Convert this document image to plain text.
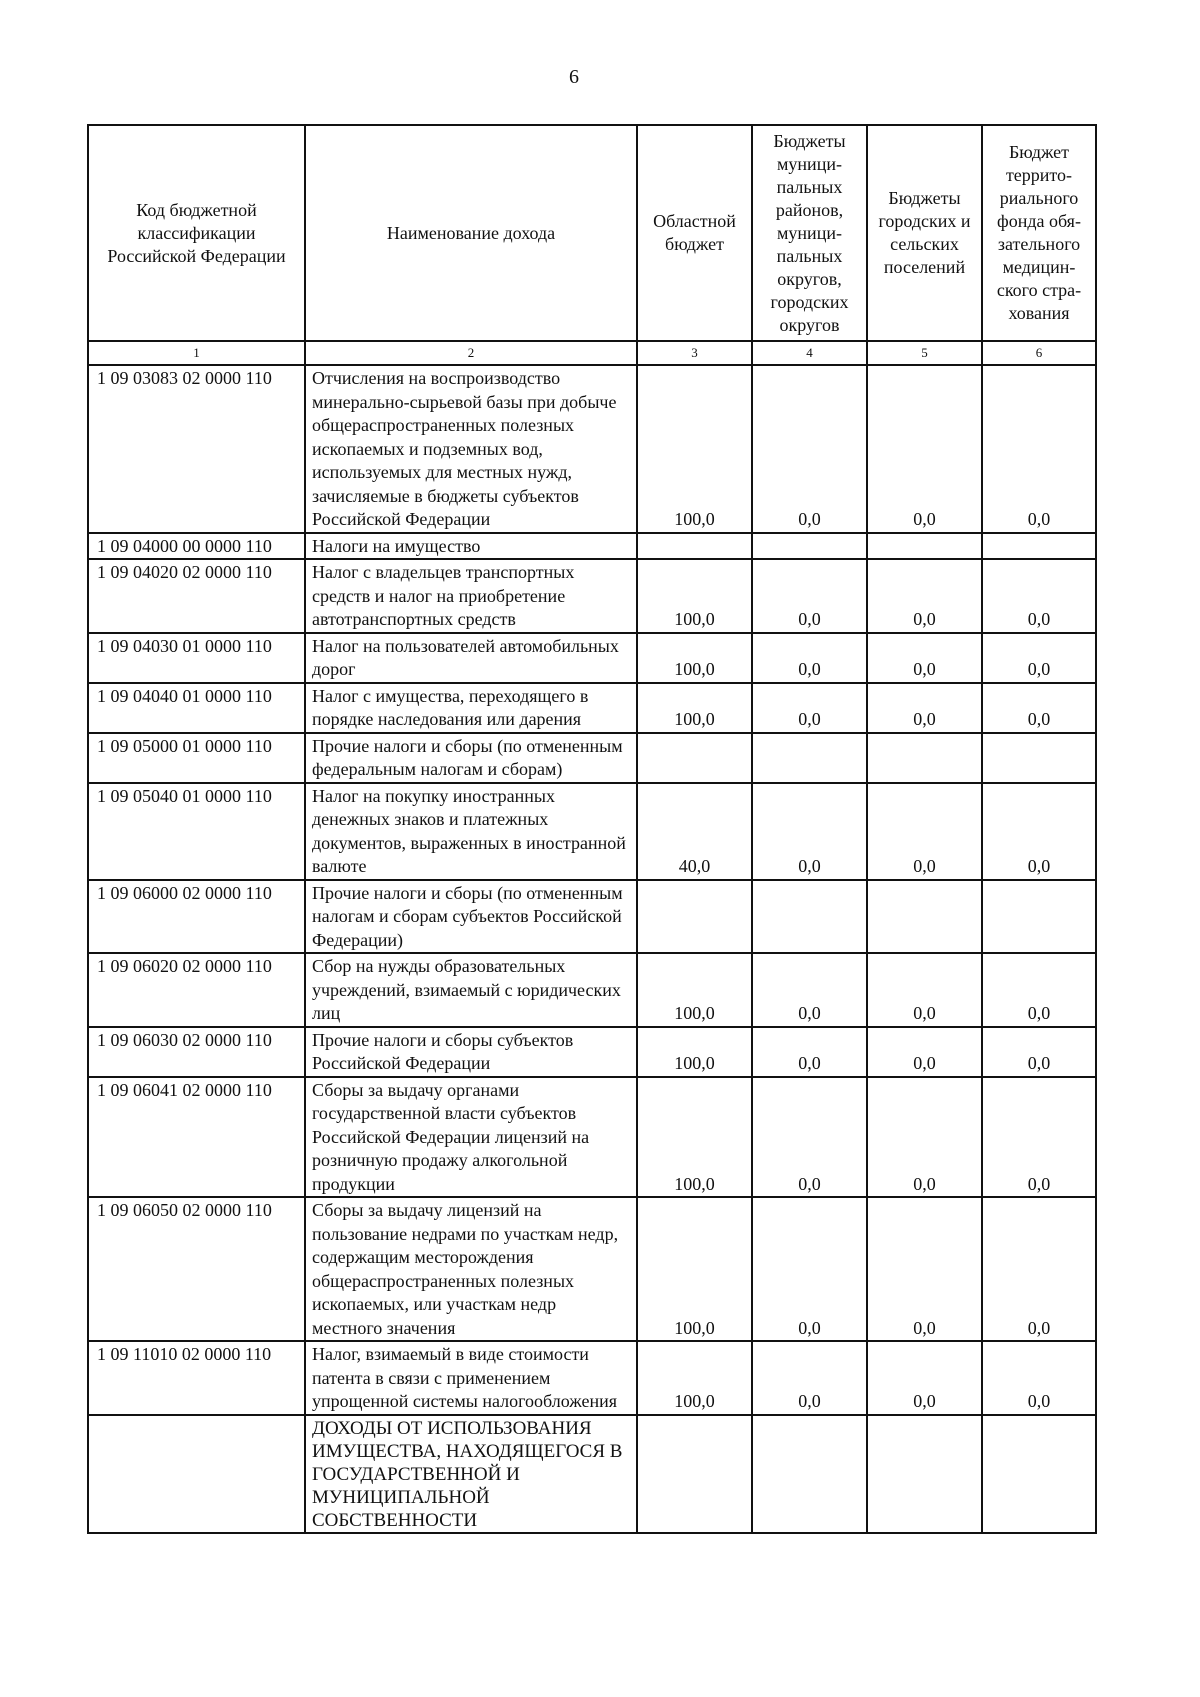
6
Код бюджетной классификации Российской Федерации	Наименование дохода	Областной бюджет	Бюджеты муници- пальных районов, муници- пальных округов, городских округов	Бюджеты городских и сельских поселений	Бюджет террито- риального фонда обя- зательного медицин- ского стра- хования
1	2	3	4	5	6
1 09 03083 02 0000 110	Отчисления на воспроизводство минерально-сырьевой базы при добыче общераспространенных полезных ископаемых и подземных вод, используемых для местных нужд, зачисляемые в бюджеты субъектов Российской Федерации	100,0	0,0	0,0	0,0
1 09 04000 00 0000 110	Налоги на имущество				
1 09 04020 02 0000 110	Налог с владельцев транспортных средств и налог на приобретение автотранспортных средств	100,0	0,0	0,0	0,0
1 09 04030 01 0000 110	Налог на пользователей автомобильных дорог	100,0	0,0	0,0	0,0
1 09 04040 01 0000 110	Налог с имущества, переходящего в порядке наследования или дарения	100,0	0,0	0,0	0,0
1 09 05000 01 0000 110	Прочие налоги и сборы (по отмененным федеральным налогам и сборам)				
1 09 05040 01 0000 110	Налог на покупку иностранных денежных знаков и платежных документов, выраженных в иностранной валюте	40,0	0,0	0,0	0,0
1 09 06000 02 0000 110	Прочие налоги и сборы (по отмененным налогам и сборам субъектов Российской Федерации)				
1 09 06020 02 0000 110	Сбор на нужды образовательных учреждений, взимаемый с юридических лиц	100,0	0,0	0,0	0,0
1 09 06030 02 0000 110	Прочие налоги и сборы субъектов Российской Федерации	100,0	0,0	0,0	0,0
1 09 06041 02 0000 110	Сборы за выдачу органами государственной власти субъектов Российской Федерации лицензий на розничную продажу алкогольной продукции	100,0	0,0	0,0	0,0
1 09 06050 02 0000 110	Сборы за выдачу лицензий на пользование недрами по участкам недр, содержащим месторождения общераспространенных полезных ископаемых, или участкам недр местного значения	100,0	0,0	0,0	0,0
1 09 11010 02 0000 110	Налог, взимаемый в виде стоимости патента в связи с применением упрощенной системы налогообложения	100,0	0,0	0,0	0,0
	ДОХОДЫ ОТ ИСПОЛЬЗОВАНИЯ ИМУЩЕСТВА, НАХОДЯЩЕГОСЯ В ГОСУДАРСТВЕННОЙ И МУНИЦИПАЛЬНОЙ СОБСТВЕННОСТИ				
